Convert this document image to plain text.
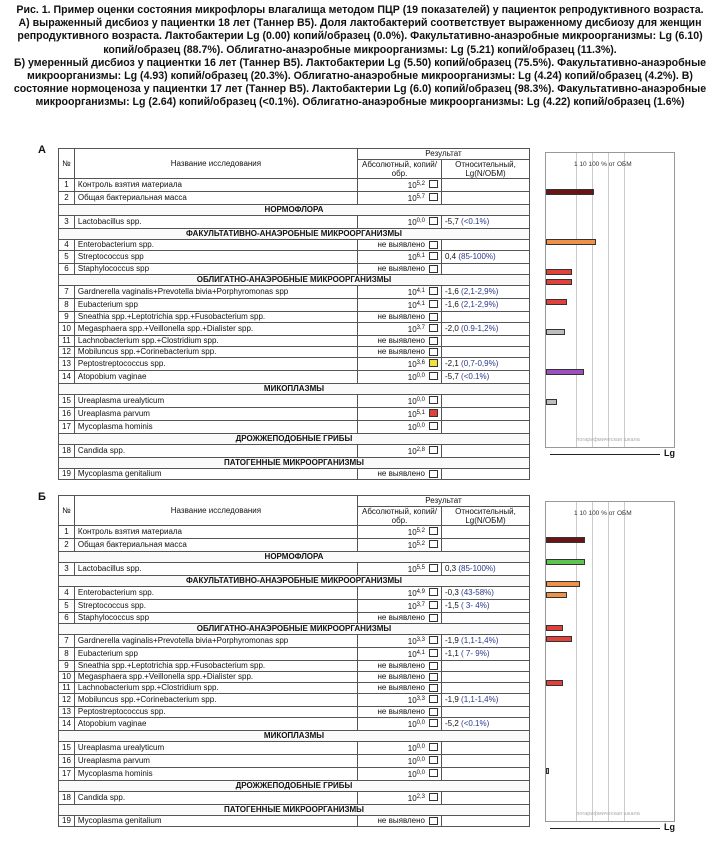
Рис. 1. Пример оценки состояния микрофлоры влагалища методом ПЦР (19 показателей) у пациенток репродуктивного возраста.

А) выраженный дисбиоз у пациентки 18 лет (Таннер В5). Доля лактобактерий соответствует выраженному дисбиозу для женщин репродуктивного возраста. Лактобактерии Lg (0.00) копий/образец (0.0%). Факультативно-анаэробные микроорганизмы: Lg (6.10) копий/образец (88.7%). Облигатно-анаэробные микроорганизмы: Lg (5.21) копий/образец (11.3%).

Б) умеренный дисбиоз у пациентки 16 лет (Таннер В5). Лактобактерии Lg (5.50) копий/образец (75.5%). Факультативно-анаэробные микроорганизмы: Lg (4.93) копий/образец (20.3%). Облигатно-анаэробные микроорганизмы: Lg (4.24) копий/образец (4.2%). В) состояние нормоценоза у пациентки 17 лет (Таннер В5). Лактобактерии Lg (6.0) копий/образец (98.3%). Факультативно-анаэробные микроорганизмы: Lg (2.64) копий/образец (<0.1%). Облигатно-анаэробные микроорганизмы: Lg (4.22) копий/образец (1.6%)

А
№	Название исследования	Результат	
		Абсолютный, копий/обр.	Относительный, Lg(N/ОБМ)
1	Контроль взятия материала	10$^{5,2}$

2	Общая бактериальная масса	10$^{5,7}$

НОРМОФЛОРА			
3	Lactobacillus spp.	10$^{0,0}$	-5,7 (<0.1%)
ФАКУЛЬТАТИВНО-АНАЭРОБНЫЕ МИКРООРГАНИЗМЫ			
4	Enterobacterium spp.	не выявлено

5	Streptococcus spp	10$^{6,1}$	0,4 (85-100%)
6	Staphylococcus spp	не выявлено

ОБЛИГАТНО-АНАЭРОБНЫЕ МИКРООРГАНИЗМЫ			
7	Gardnerella vaginalis+Prevotella bivia+Porphyromonas spp	10$^{4,1}$	-1,6 (2,1-2,9%)
8	Eubacterium spp	10$^{4,1}$	-1,6 (2,1-2,9%)
9	Sneathia spp.+Leptotrichia spp.+Fusobacterium spp.	не выявлено

10	Megasphaera spp.+Veillonella spp.+Dialister spp.	10$^{3,7}$	-2,0 (0.9-1,2%)
11	Lachnobacterium spp.+Clostridium spp.	не выявлено

12	Mobiluncus spp.+Corinebacterium spp.	не выявлено

13	Peptostreptococcus spp.	10$^{3,6}$	-2,1 (0,7-0,9%)
14	Atopobium vaginae	10$^{0,0}$	-5,7 (<0.1%)
МИКОПЛАЗМЫ			
15	Ureaplasma urealyticum	10$^{0,0}$

16	Ureaplasma parvum	10$^{5,1}$

17	Mycoplasma hominis	10$^{0,0}$

ДРОЖЖЕПОДОБНЫЕ ГРИБЫ			
18	Candida spp.	10$^{2,8}$

ПАТОГЕННЫЕ МИКРООРГАНИЗМЫ			
19	Mycoplasma genitalium	не выявлено

1 10 100 % от ОБМ
логарифмическая шкала
Lg
Б
№	Название исследования	Результат	
		Абсолютный, копий/обр.	Относительный, Lg(N/ОБМ)
1	Контроль взятия материала	10$^{5,2}$

2	Общая бактериальная масса	10$^{5,2}$

НОРМОФЛОРА			
3	Lactobacillus spp.	10$^{5,5}$	0,3 (85-100%)
ФАКУЛЬТАТИВНО-АНАЭРОБНЫЕ МИКРООРГАНИЗМЫ			
4	Enterobacterium spp.	10$^{4,9}$	-0,3 (43-58%)
5	Streptococcus spp.	10$^{3,7}$	-1,5 ( 3- 4%)
6	Staphylococcus spp	не выявлено

ОБЛИГАТНО-АНАЭРОБНЫЕ МИКРООРГАНИЗМЫ			
7	Gardnerella vaginalis+Prevotella bivia+Porphyromonas spp	10$^{3,3}$	-1,9 (1,1-1,4%)
8	Eubacterium spp	10$^{4,1}$	-1,1 ( 7- 9%)
9	Sneathia spp.+Leptotrichia spp.+Fusobacterium spp.	не выявлено

10	Megasphaera spp.+Veillonella spp.+Dialister spp.	не выявлено

11	Lachnobacterium spp.+Clostridium spp.	не выявлено

12	Mobiluncus spp.+Corinebacterium spp.	10$^{3,3}$	-1,9 (1,1-1,4%)
13	Peptostreptococcus spp.	не выявлено

14	Atopobium vaginae	10$^{0,0}$	-5,2 (<0.1%)
МИКОПЛАЗМЫ			
15	Ureaplasma urealyticum	10$^{0,0}$

16	Ureaplasma parvum	10$^{0,0}$

17	Mycoplasma hominis	10$^{0,0}$

ДРОЖЖЕПОДОБНЫЕ ГРИБЫ			
18	Candida spp.	10$^{2,3}$

ПАТОГЕННЫЕ МИКРООРГАНИЗМЫ			
19	Mycoplasma genitalium	не выявлено

1 10 100 % от ОБМ
логарифмическая шкала
Lg
